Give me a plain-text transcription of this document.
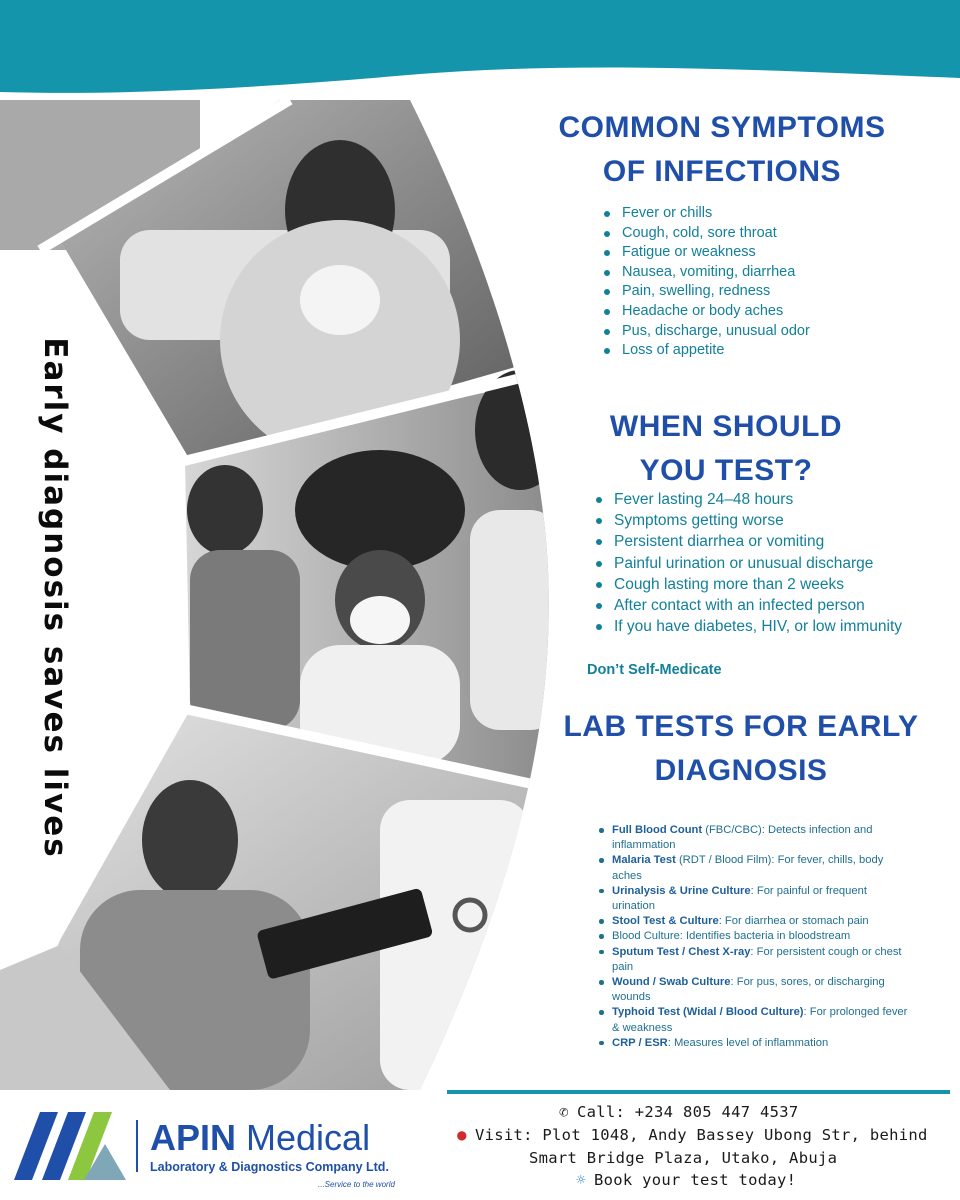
Early diagnosis saves lives
COMMON SYMPTOMS
OF INFECTIONS
Fever or chills
Cough, cold, sore throat
Fatigue or weakness
Nausea, vomiting, diarrhea
Pain, swelling, redness
Headache or body aches
Pus, discharge, unusual odor
Loss of appetite
WHEN SHOULD
YOU TEST?
Fever lasting 24–48 hours
Symptoms getting worse
Persistent diarrhea or vomiting
Painful urination or unusual discharge
Cough lasting more than 2 weeks
After contact with an infected person
If you have diabetes, HIV, or low immunity
Don’t Self-Medicate
LAB TESTS FOR EARLY
DIAGNOSIS
Full Blood Count (FBC/CBC): Detects infection and inflammation
Malaria Test (RDT / Blood Film): For fever, chills, body aches
Urinalysis & Urine Culture: For painful or frequent urination
Stool Test & Culture: For diarrhea or stomach pain
Blood Culture: Identifies bacteria in bloodstream
Sputum Test / Chest X-ray: For persistent cough or chest pain
Wound / Swab Culture: For pus, sores, or discharging wounds
Typhoid Test (Widal / Blood Culture): For prolonged fever & weakness
CRP / ESR: Measures level of inflammation
APIN Medical
Laboratory & Diagnostics Company Ltd.
...Service to the world
✆ Call: +234 805 447 4537
● Visit: Plot 1048, Andy Bassey Ubong Str, behind
Smart Bridge Plaza, Utako, Abuja
☼ Book your test today!
